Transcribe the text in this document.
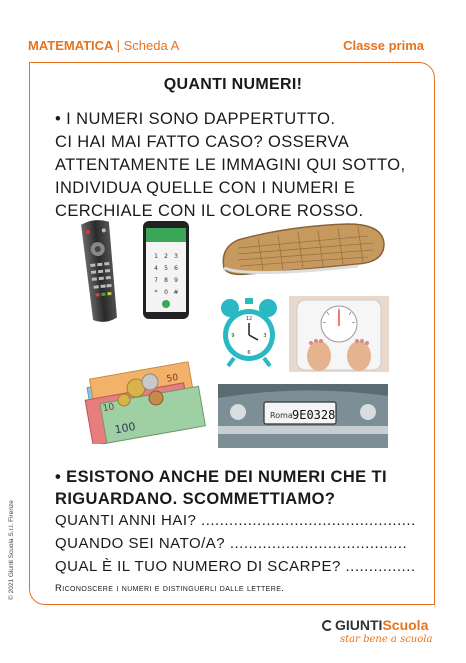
MATEMATICA | Scheda A	Classe prima
QUANTI NUMERI!
• I NUMERI SONO DAPPERTUTTO.
CI HAI MAI FATTO CASO? OSSERVA
ATTENTAMENTE LE IMMAGINI QUI SOTTO,
INDIVIDUA QUELLE CON I NUMERI E
CERCHIALE CON IL COLORE ROSSO.
1 2 3
4 5 6
7 8 9
* 0 #
12
3
6
9
100
10
50
Roma 9E0328
• ESISTONO ANCHE DEI NUMERI CHE TI
RIGUARDANO. SCOMMETTIAMO?
QUANTI ANNI HAI? ..............................................
QUANDO SEI NATO/A? ......................................
QUAL È IL TUO NUMERO DI SCARPE? ...............
Riconoscere i numeri e distinguerli dalle lettere.
© 2021 Giunti Scuola S.r.l. Firenze
GIUNTIScuola
star bene a scuola
